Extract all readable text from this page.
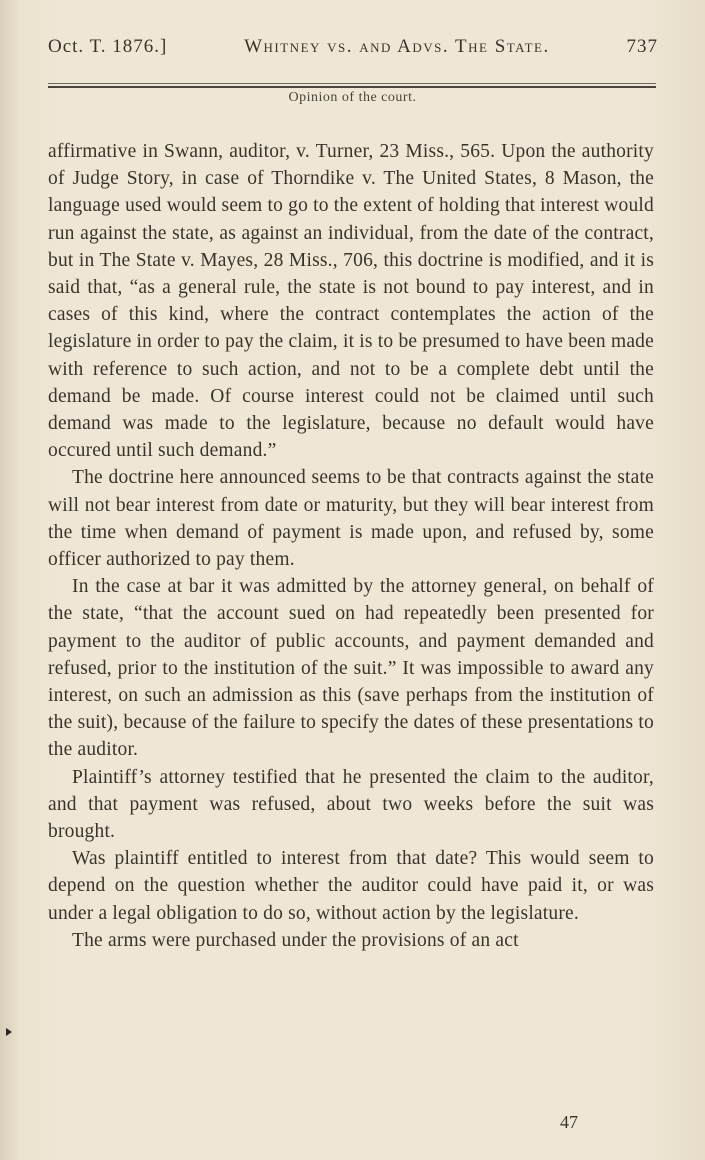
Oct. T. 1876.]	Whitney vs. and Advs. The State.	737
Opinion of the court.

affirmative in Swann, auditor, v. Turner, 23 Miss., 565. Upon the authority of Judge Story, in case of Thorndike v. The United States, 8 Mason, the language used would seem to go to the extent of holding that interest would run against the state, as against an individual, from the date of the contract, but in The State v. Mayes, 28 Miss., 706, this doctrine is modified, and it is said that, “as a general rule, the state is not bound to pay interest, and in cases of this kind, where the contract contemplates the action of the legislature in order to pay the claim, it is to be presumed to have been made with reference to such action, and not to be a complete debt until the demand be made. Of course interest could not be claimed until such demand was made to the legislature, because no default would have occured until such demand.”

The doctrine here announced seems to be that contracts against the state will not bear interest from date or maturity, but they will bear interest from the time when demand of payment is made upon, and refused by, some officer authorized to pay them.

In the case at bar it was admitted by the attorney general, on behalf of the state, “that the account sued on had repeatedly been presented for payment to the auditor of public accounts, and payment demanded and refused, prior to the institution of the suit.” It was impossible to award any interest, on such an admission as this (save perhaps from the institution of the suit), because of the failure to specify the dates of these presentations to the auditor.

Plaintiff’s attorney testified that he presented the claim to the auditor, and that payment was refused, about two weeks before the suit was brought.

Was plaintiff entitled to interest from that date? This would seem to depend on the question whether the auditor could have paid it, or was under a legal obligation to do so, without action by the legislature.

The arms were purchased under the provisions of an act

47
